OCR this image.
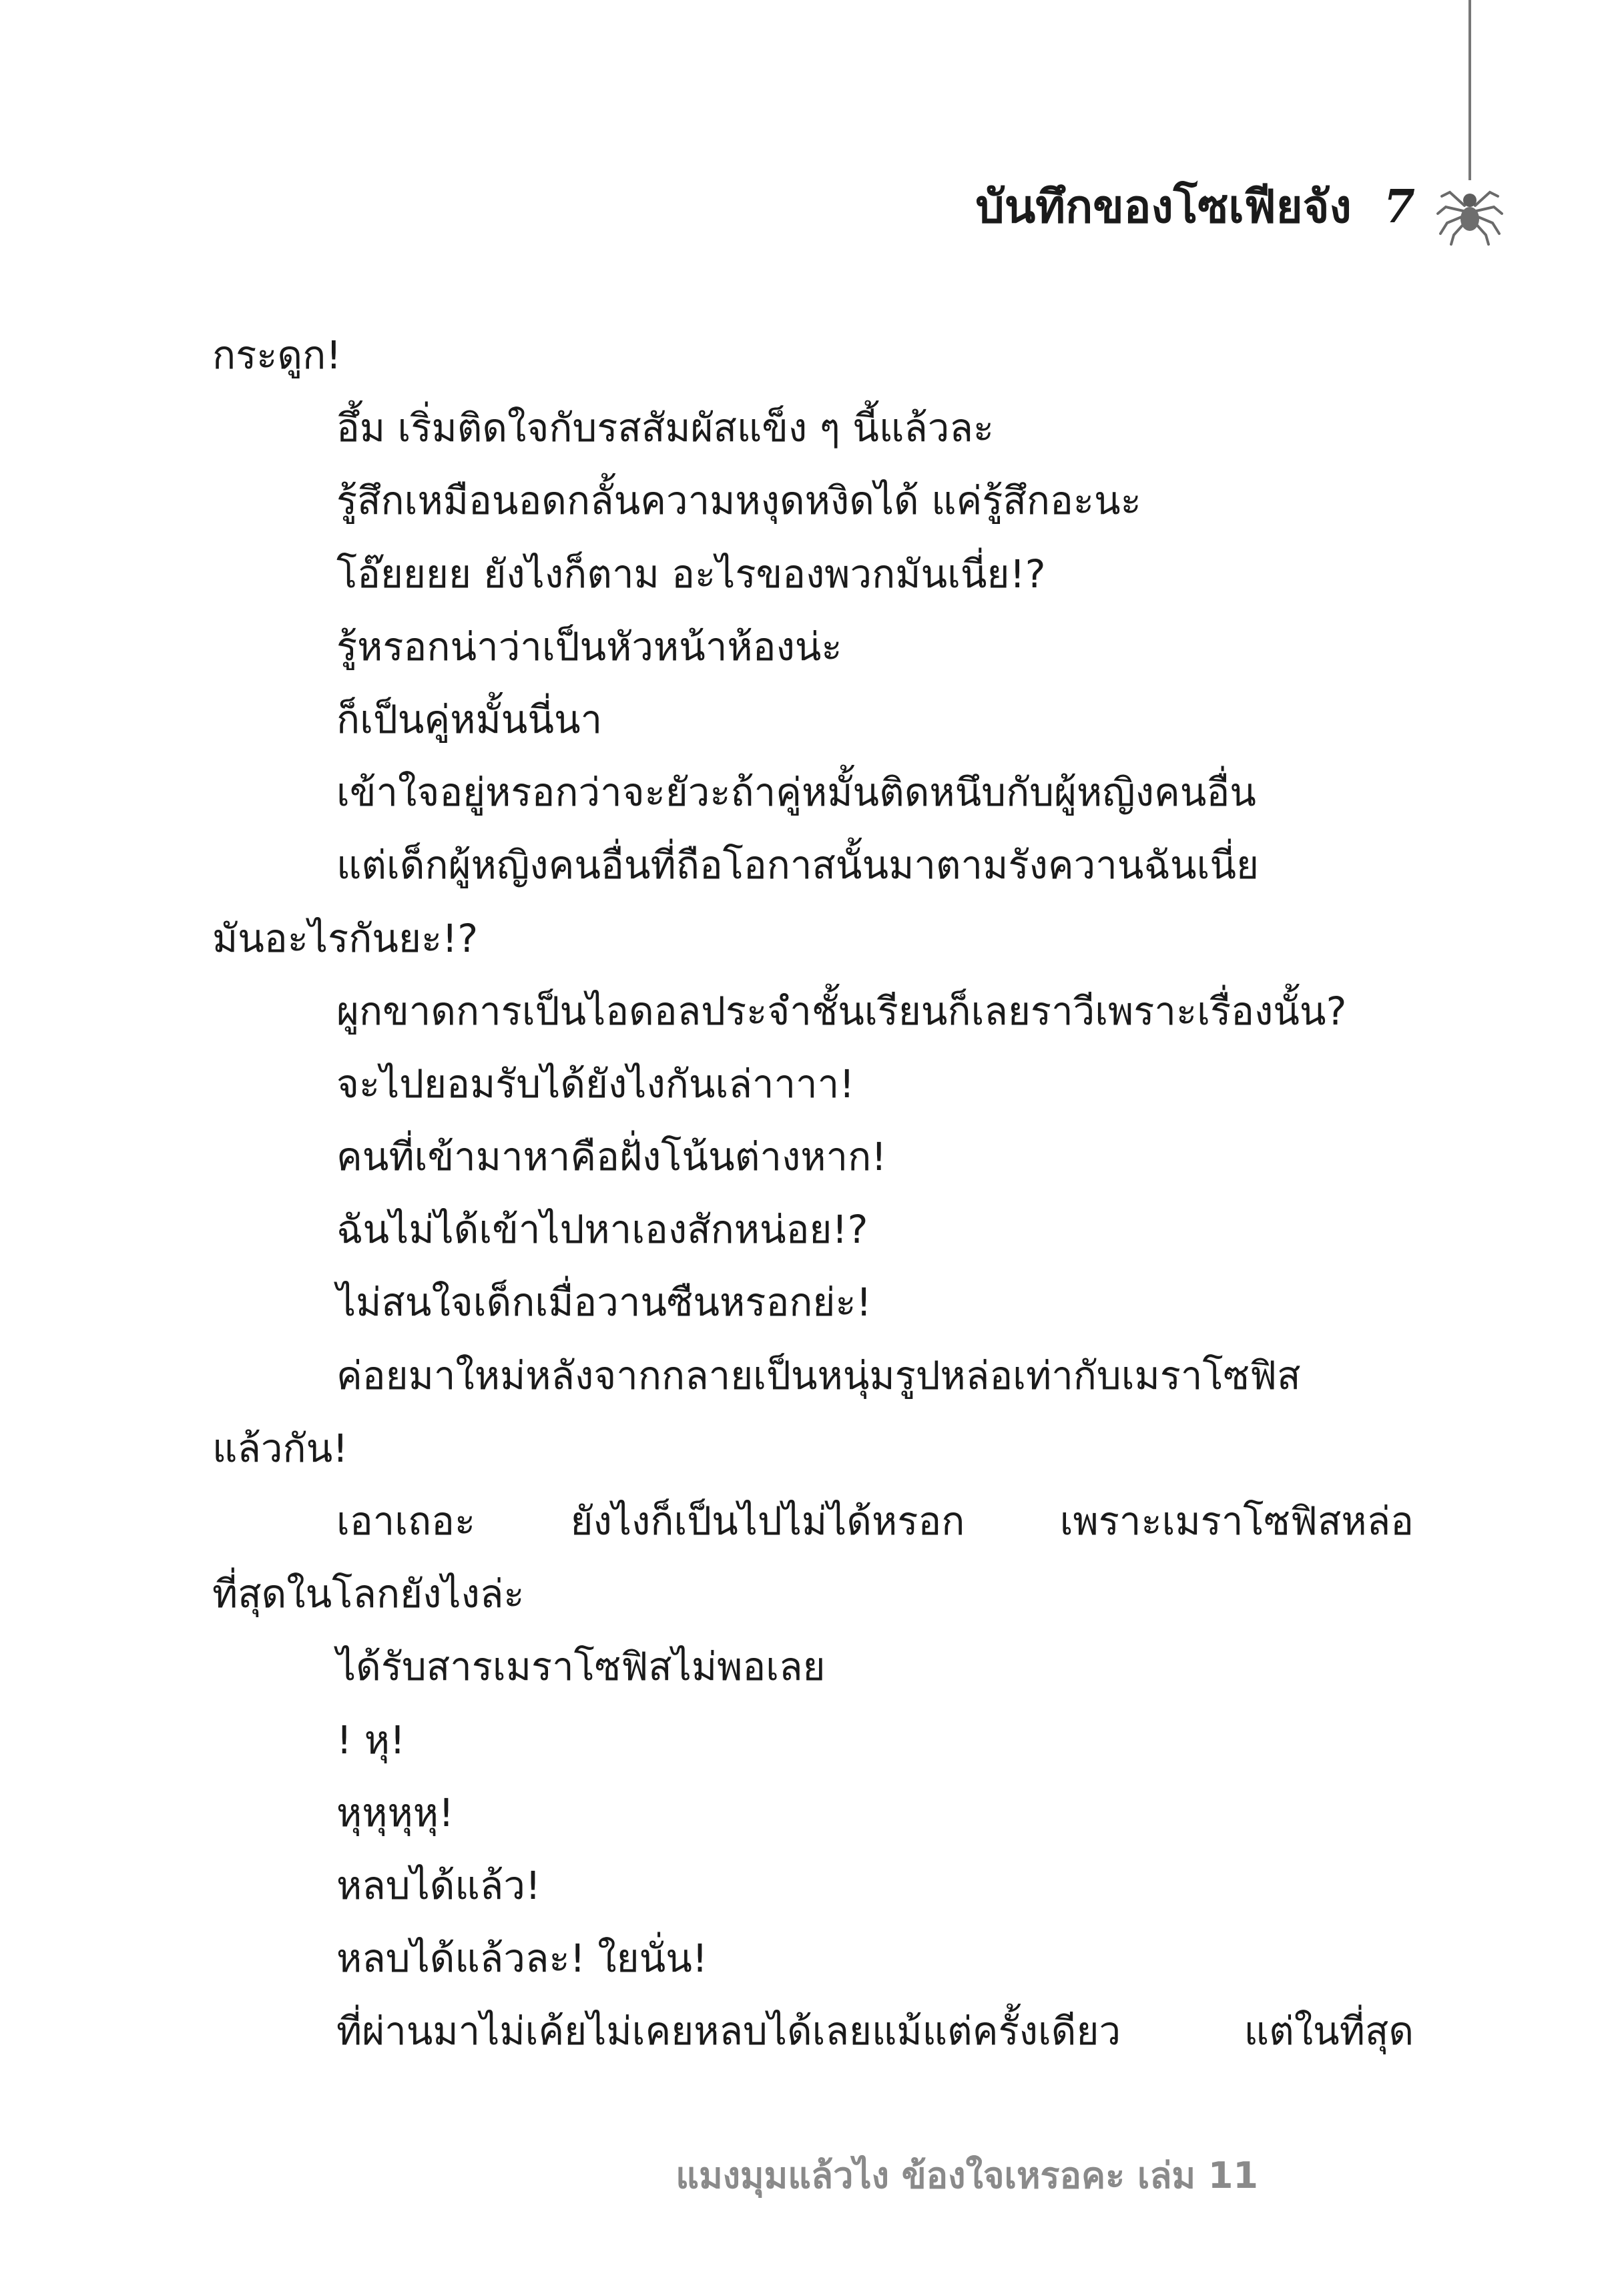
บันทึกของโซเฟียจัง 7
กระดูก!
อึ้ม เริ่มติดใจกับรสสัมผัสแข็ง ๆ นี้แล้วละ
รู้สึกเหมือนอดกลั้นความหงุดหงิดได้ แค่รู้สึกอะนะ
โอ๊ยยยย ยังไงก็ตาม อะไรของพวกมันเนี่ย!?
รู้หรอกน่าว่าเป็นหัวหน้าห้องน่ะ
ก็เป็นคู่หมั้นนี่นา
เข้าใจอยู่หรอกว่าจะยัวะถ้าคู่หมั้นติดหนึบกับผู้หญิงคนอื่น
แต่เด็กผู้หญิงคนอื่นที่ถือโอกาสนั้นมาตามรังควานฉันเนี่ย
มันอะไรกันยะ!?
ผูกขาดการเป็นไอดอลประจำชั้นเรียนก็เลยราวีเพราะเรื่องนั้น?
จะไปยอมรับได้ยังไงกันเล่าาาา!
คนที่เข้ามาหาคือฝั่งโน้นต่างหาก!
ฉันไม่ได้เข้าไปหาเองสักหน่อย!?
ไม่สนใจเด็กเมื่อวานซืนหรอกย่ะ!
ค่อยมาใหม่หลังจากกลายเป็นหนุ่มรูปหล่อเท่ากับเมราโซฟิส
แล้วกัน!
เอาเถอะ ยังไงก็เป็นไปไม่ได้หรอก เพราะเมราโซฟิสหล่อ
ที่สุดในโลกยังไงล่ะ
ได้รับสารเมราโซฟิสไม่พอเลย
! หุ!
หุหุหุหุ!
หลบได้แล้ว!
หลบได้แล้วละ! ใยนั่น!
ที่ผ่านมาไม่เค้ยไม่เคยหลบได้เลยแม้แต่ครั้งเดียว แต่ในที่สุด
แมงมุมแล้วไง ข้องใจเหรอคะ เล่ม 11
